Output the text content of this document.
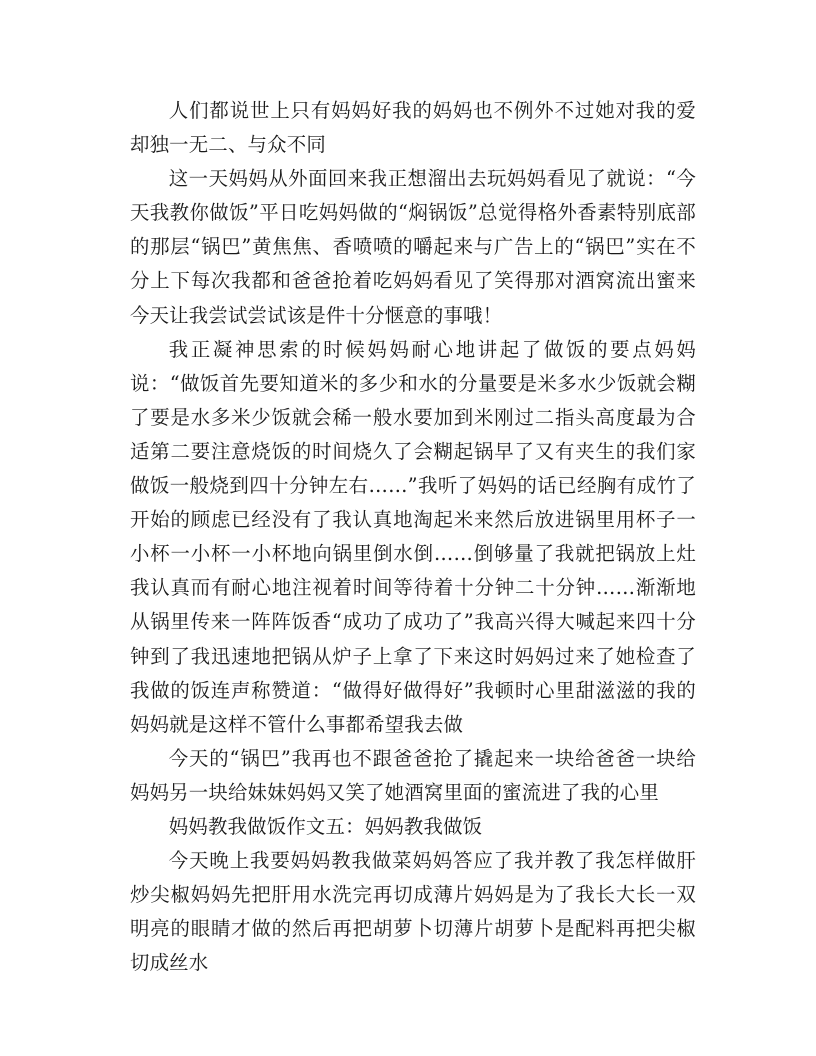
人们都说世上只有妈妈好我的妈妈也不例外不过她对我的爱却独一无二、与众不同

这一天妈妈从外面回来我正想溜出去玩妈妈看见了就说：“今天我教你做饭”平日吃妈妈做的“焖锅饭”总觉得格外香素特别底部的那层“锅巴”黄焦焦、香喷喷的嚼起来与广告上的“锅巴”实在不分上下每次我都和爸爸抢着吃妈妈看见了笑得那对酒窝流出蜜来今天让我尝试尝试该是件十分惬意的事哦！

我正凝神思索的时候妈妈耐心地讲起了做饭的要点妈妈说：“做饭首先要知道米的多少和水的分量要是米多水少饭就会糊了要是水多米少饭就会稀一般水要加到米刚过二指头高度最为合适第二要注意烧饭的时间烧久了会糊起锅早了又有夹生的我们家做饭一般烧到四十分钟左右……”我听了妈妈的话已经胸有成竹了开始的顾虑已经没有了我认真地淘起米来然后放进锅里用杯子一小杯一小杯一小杯地向锅里倒水倒……倒够量了我就把锅放上灶我认真而有耐心地注视着时间等待着十分钟二十分钟……渐渐地从锅里传来一阵阵饭香“成功了成功了”我高兴得大喊起来四十分钟到了我迅速地把锅从炉子上拿了下来这时妈妈过来了她检查了我做的饭连声称赞道：“做得好做得好”我顿时心里甜滋滋的我的妈妈就是这样不管什么事都希望我去做

今天的“锅巴”我再也不跟爸爸抢了撬起来一块给爸爸一块给妈妈另一块给妹妹妈妈又笑了她酒窝里面的蜜流进了我的心里

妈妈教我做饭作文五：妈妈教我做饭

今天晚上我要妈妈教我做菜妈妈答应了我并教了我怎样做肝炒尖椒妈妈先把肝用水洗完再切成薄片妈妈是为了我长大长一双明亮的眼睛才做的然后再把胡萝卜切薄片胡萝卜是配料再把尖椒切成丝水
